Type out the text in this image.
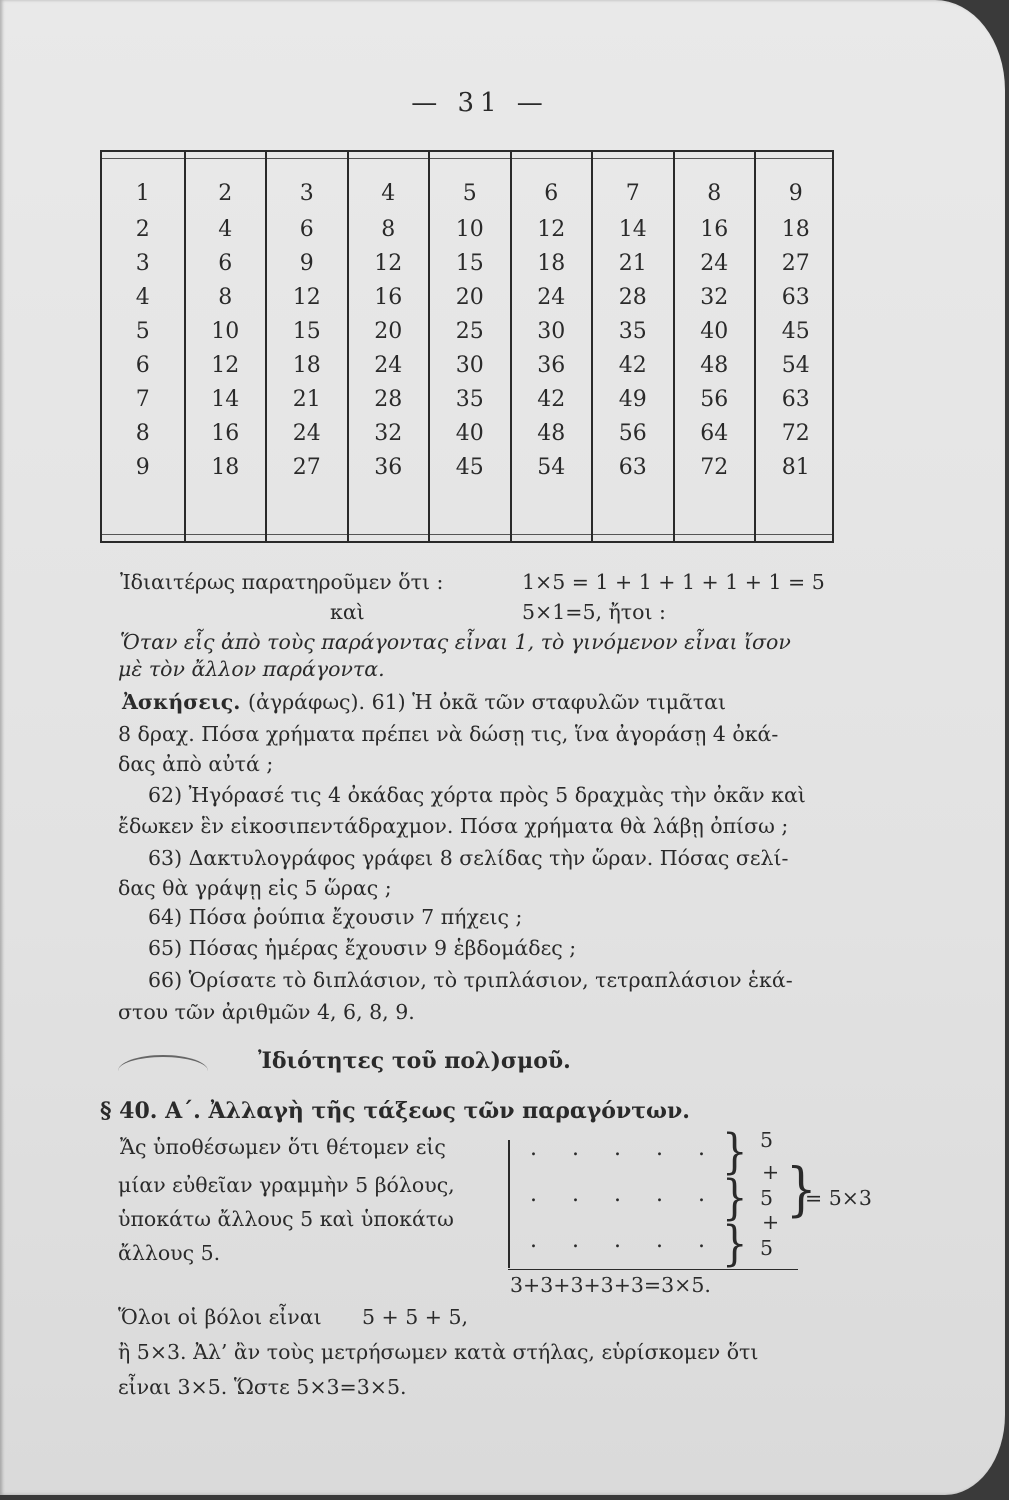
— 31 —
1
2
3
4
5
6
7
8
9
2
4
6
8
10
12
14
16
18
3
6
9
12
15
18
21
24
27
4
8
12
16
20
24
28
32
36
5
10
15
20
25
30
35
40
45
6
12
18
24
30
36
42
48
54
7
14
21
28
35
42
49
56
63
8
16
24
32
40
48
56
64
72
9
18
27
63
45
54
63
72
81
Ἰδιαιτέρως παρατηροῦμεν ὅτι :	1×5 = 1 + 1 + 1 + 1 + 1 = 5
καὶ	5×1=5, ἤτοι :
Ὅταν εἷς ἀπὸ τοὺς παράγοντας εἶναι 1, τὸ γινόμενον εἶναι ἴσον
μὲ τὸν ἄλλον παράγοντα.
Ἀσκήσεις. (ἀγράφως). 61) Ἡ ὀκᾶ τῶν σταφυλῶν τιμᾶται
8 δραχ. Πόσα χρήματα πρέπει νὰ δώσῃ τις, ἵνα ἀγοράσῃ 4 ὀκά-
δας ἀπὸ αὐτά ;
62) Ἠγόρασέ τις 4 ὀκάδας χόρτα πρὸς 5 δραχμὰς τὴν ὀκᾶν καὶ
ἔδωκεν ἓν εἰκοσιπεντάδραχμον. Πόσα χρήματα θὰ λάβῃ ὀπίσω ;
63) Δακτυλογράφος γράφει 8 σελίδας τὴν ὥραν. Πόσας σελί-
δας θὰ γράψῃ εἰς 5 ὥρας ;
64) Πόσα ῥούπια ἔχουσιν 7 πήχεις ;
65) Πόσας ἡμέρας ἔχουσιν 9 ἑβδομάδες ;
66) Ὁρίσατε τὸ διπλάσιον, τὸ τριπλάσιον, τετραπλάσιον ἑκά-
στου τῶν ἀριθμῶν 4, 6, 8, 9.
Ἰδιότητες τοῦ πολ)σμοῦ.
§ 40. Α΄. Ἀλλαγὴ τῆς τάξεως τῶν παραγόντων.
Ἄς ὑποθέσωμεν ὅτι θέτομεν εἰς
μίαν εὐθεῖαν γραμμὴν 5 βόλους,
ὑποκάτω ἄλλους 5 καὶ ὑποκάτω
ἄλλους 5.
. . . . .
. . . . .
. . . . .
}
}
}
5
+
5
+
5
}
= 5×3
3+3+3+3+3=3×5.
Ὅλοι οἱ βόλοι εἶναι 5 + 5 + 5,
ἢ 5×3. Ἀλ’ ἂν τοὺς μετρήσωμεν κατὰ στήλας, εὑρίσκομεν ὅτι
εἶναι 3×5. Ὥστε 5×3=3×5.
